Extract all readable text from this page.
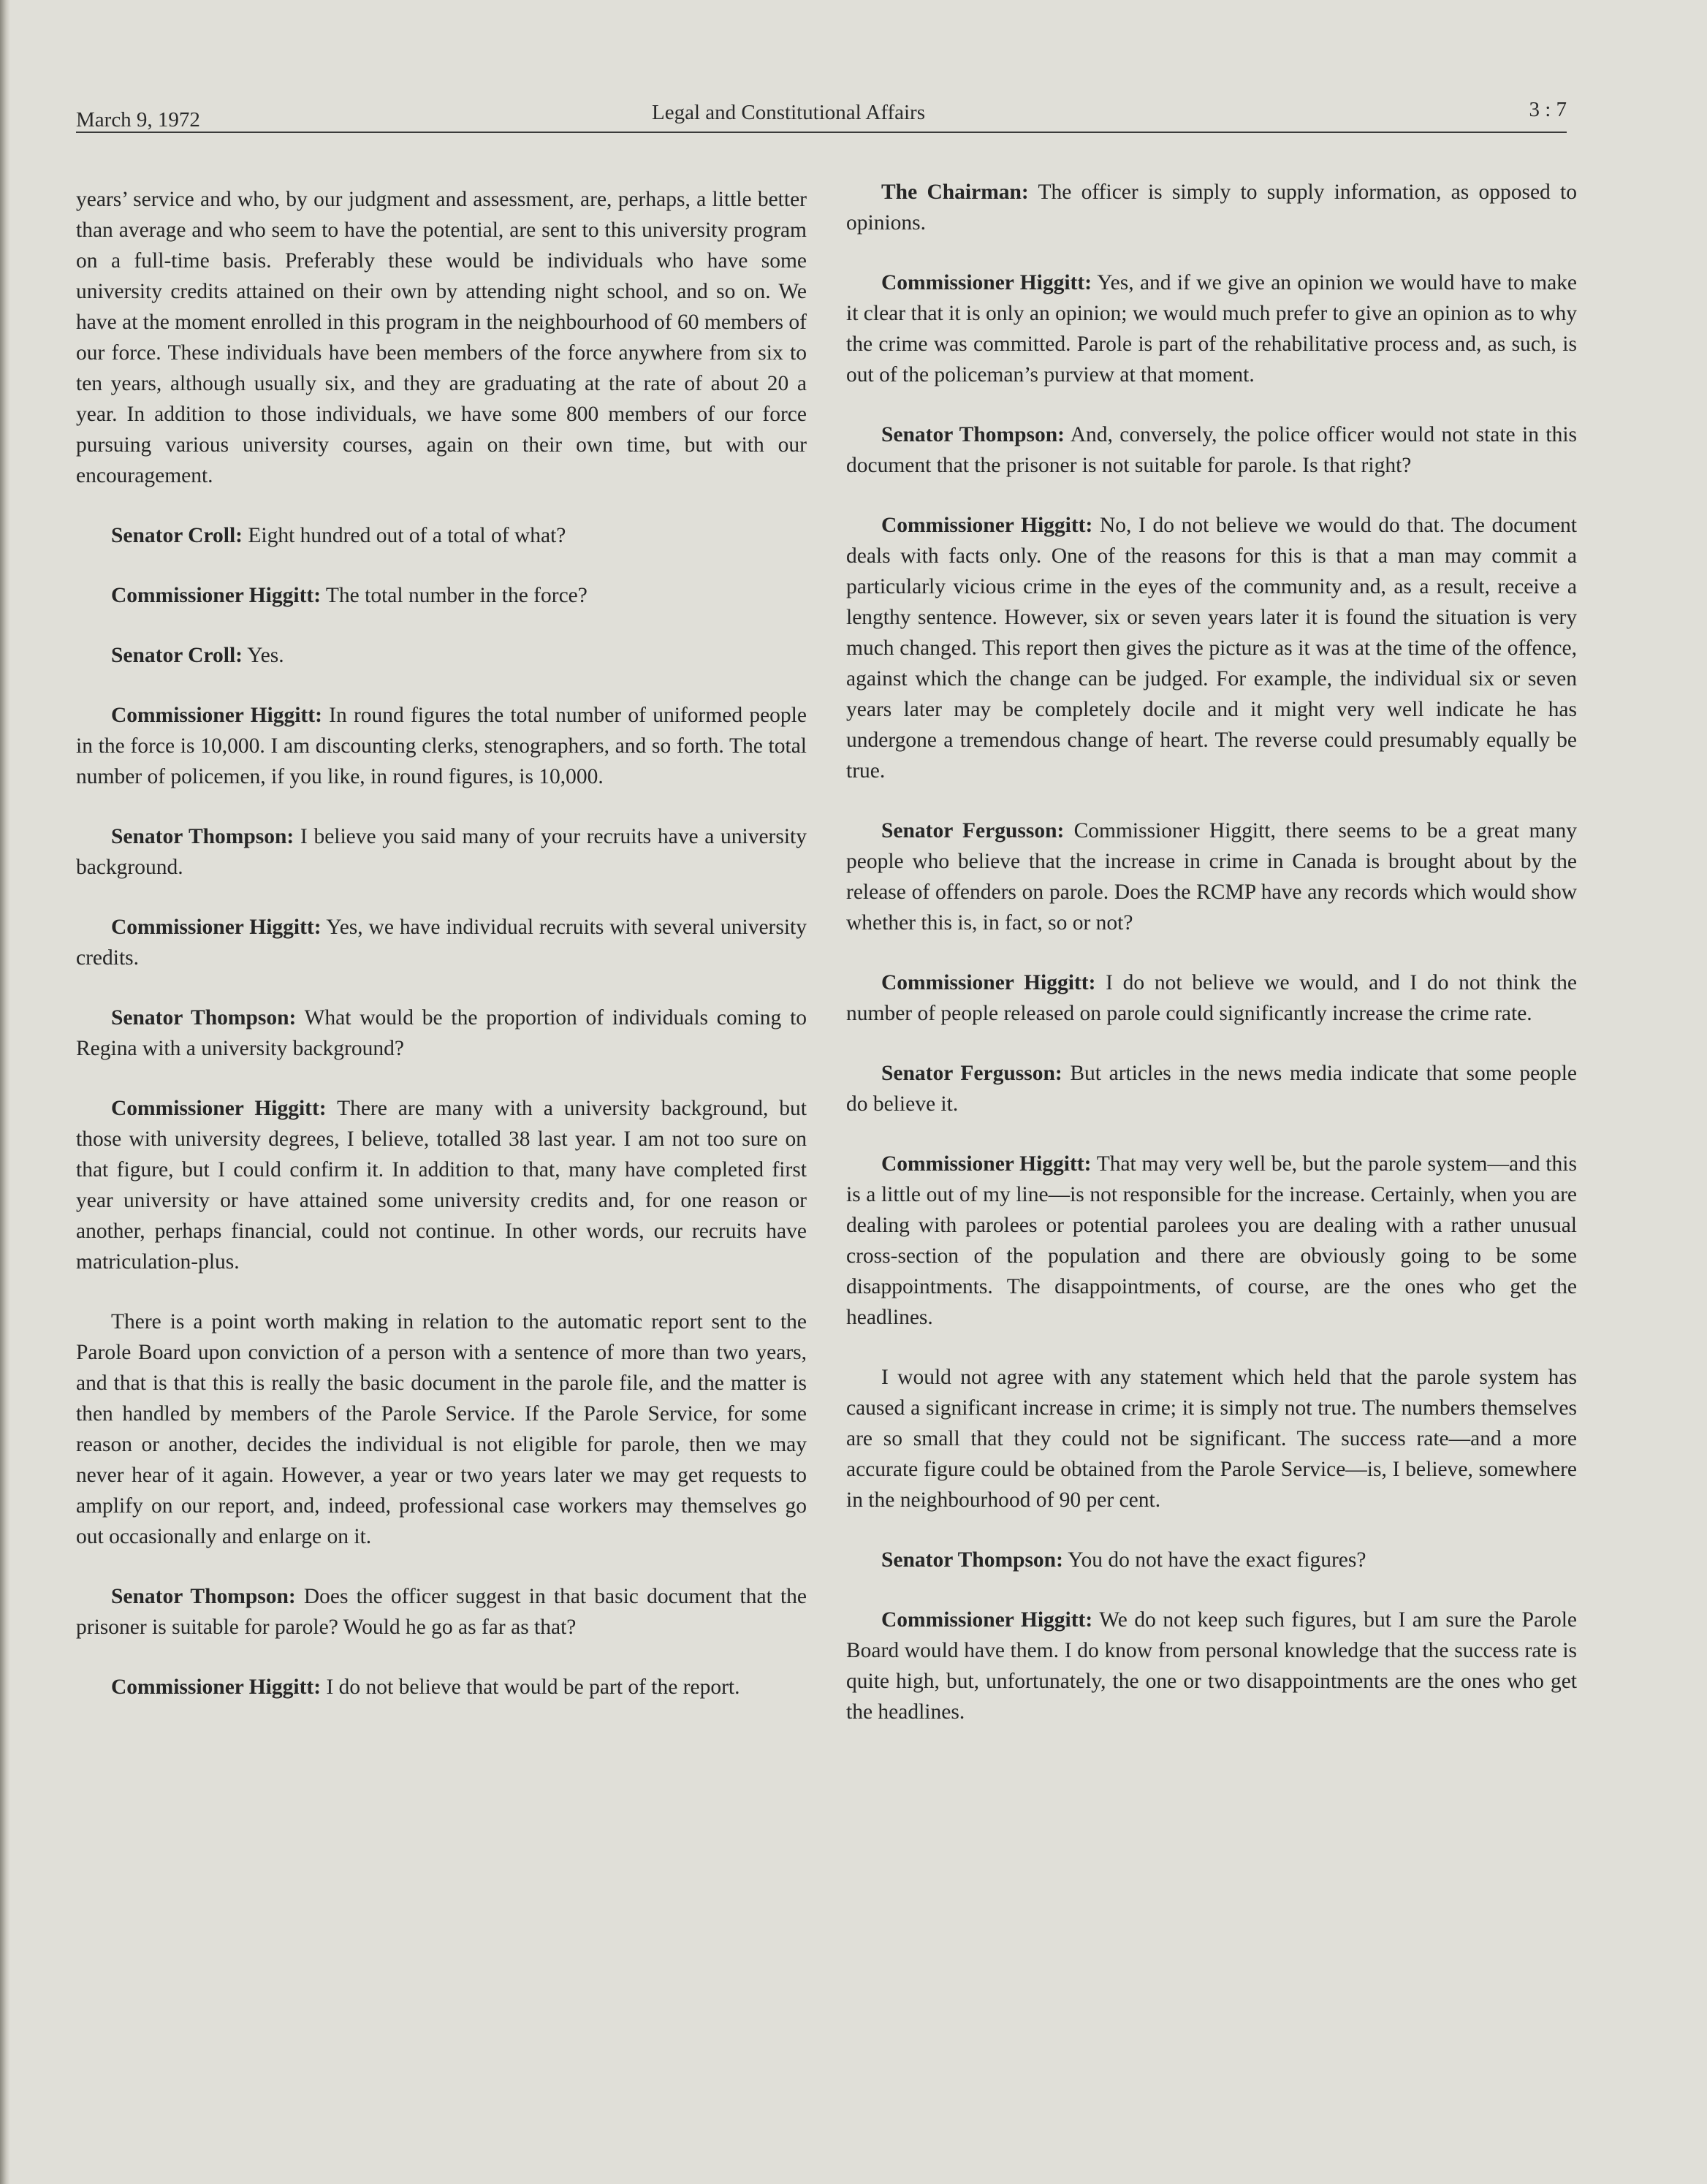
March 9, 1972	Legal and Constitutional Affairs	3 : 7

years’ service and who, by our judgment and assessment, are, perhaps, a little better than average and who seem to have the potential, are sent to this university program on a full-time basis. Preferably these would be individuals who have some university credits attained on their own by attending night school, and so on. We have at the moment enrolled in this program in the neighbourhood of 60 members of our force. These individuals have been members of the force anywhere from six to ten years, although usually six, and they are graduating at the rate of about 20 a year. In addition to those individuals, we have some 800 members of our force pursuing various university courses, again on their own time, but with our encouragement.

Senator Croll: Eight hundred out of a total of what?

Commissioner Higgitt: The total number in the force?

Senator Croll: Yes.

Commissioner Higgitt: In round figures the total number of uniformed people in the force is 10,000. I am discounting clerks, stenographers, and so forth. The total number of policemen, if you like, in round figures, is 10,000.

Senator Thompson: I believe you said many of your recruits have a university background.

Commissioner Higgitt: Yes, we have individual recruits with several university credits.

Senator Thompson: What would be the proportion of individuals coming to Regina with a university background?

Commissioner Higgitt: There are many with a university background, but those with university degrees, I believe, totalled 38 last year. I am not too sure on that figure, but I could confirm it. In addition to that, many have completed first year university or have attained some university credits and, for one reason or another, perhaps financial, could not continue. In other words, our recruits have matriculation-plus.

There is a point worth making in relation to the automatic report sent to the Parole Board upon conviction of a person with a sentence of more than two years, and that is that this is really the basic document in the parole file, and the matter is then handled by members of the Parole Service. If the Parole Service, for some reason or another, decides the individual is not eligible for parole, then we may never hear of it again. However, a year or two years later we may get requests to amplify on our report, and, indeed, professional case workers may themselves go out occasionally and enlarge on it.

Senator Thompson: Does the officer suggest in that basic document that the prisoner is suitable for parole? Would he go as far as that?

Commissioner Higgitt: I do not believe that would be part of the report.

The Chairman: The officer is simply to supply information, as opposed to opinions.

Commissioner Higgitt: Yes, and if we give an opinion we would have to make it clear that it is only an opinion; we would much prefer to give an opinion as to why the crime was committed. Parole is part of the rehabilitative process and, as such, is out of the policeman’s purview at that moment.

Senator Thompson: And, conversely, the police officer would not state in this document that the prisoner is not suitable for parole. Is that right?

Commissioner Higgitt: No, I do not believe we would do that. The document deals with facts only. One of the reasons for this is that a man may commit a particularly vicious crime in the eyes of the community and, as a result, receive a lengthy sentence. However, six or seven years later it is found the situation is very much changed. This report then gives the picture as it was at the time of the offence, against which the change can be judged. For example, the individual six or seven years later may be completely docile and it might very well indicate he has undergone a tremendous change of heart. The reverse could presumably equally be true.

Senator Fergusson: Commissioner Higgitt, there seems to be a great many people who believe that the increase in crime in Canada is brought about by the release of offenders on parole. Does the RCMP have any records which would show whether this is, in fact, so or not?

Commissioner Higgitt: I do not believe we would, and I do not think the number of people released on parole could significantly increase the crime rate.

Senator Fergusson: But articles in the news media indicate that some people do believe it.

Commissioner Higgitt: That may very well be, but the parole system—and this is a little out of my line—is not responsible for the increase. Certainly, when you are dealing with parolees or potential parolees you are dealing with a rather unusual cross-section of the population and there are obviously going to be some disappointments. The disappointments, of course, are the ones who get the headlines.

I would not agree with any statement which held that the parole system has caused a significant increase in crime; it is simply not true. The numbers themselves are so small that they could not be significant. The success rate—and a more accurate figure could be obtained from the Parole Service—is, I believe, somewhere in the neighbourhood of 90 per cent.

Senator Thompson: You do not have the exact figures?

Commissioner Higgitt: We do not keep such figures, but I am sure the Parole Board would have them. I do know from personal knowledge that the success rate is quite high, but, unfortunately, the one or two disappointments are the ones who get the headlines.
